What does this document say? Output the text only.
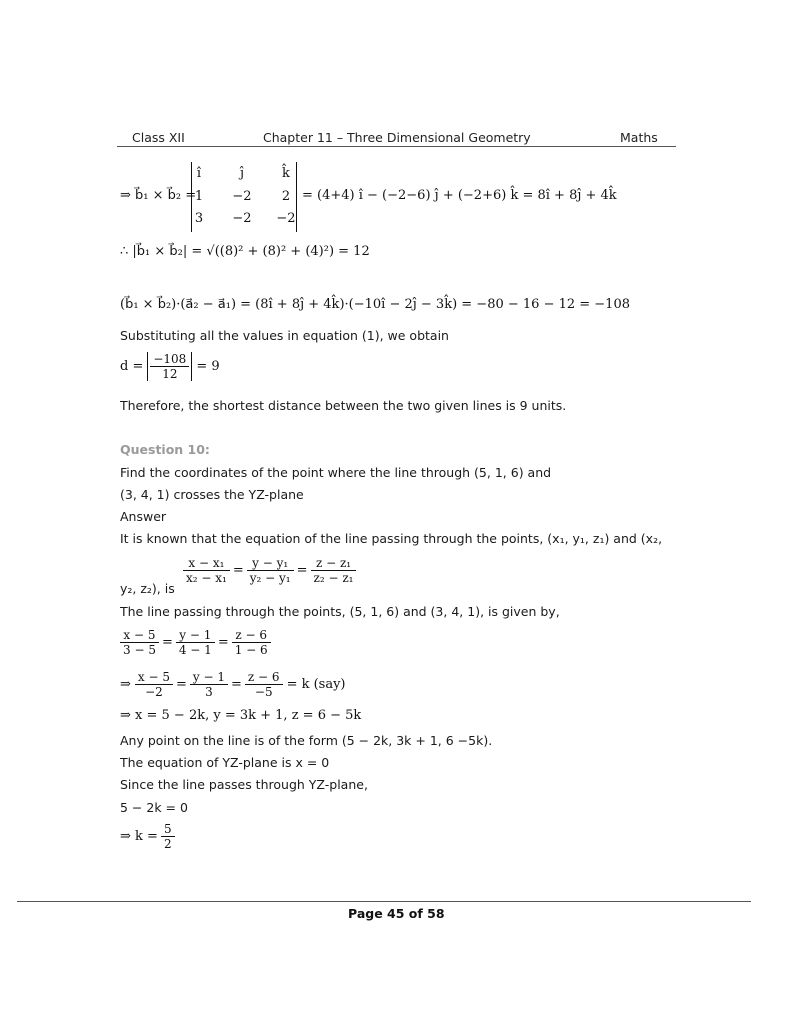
Class XII	Chapter 11 – Three Dimensional Geometry	Maths
⇒ b⃗₁ × b⃗₂ =
î	ĵ	k̂
1	−2	2
3	−2 −2
= (4+4) î − (−2−6) ĵ + (−2+6) k̂ = 8î + 8ĵ + 4k̂
∴ |b⃗₁ × b⃗₂| = √((8)² + (8)² + (4)²) = 12
(b⃗₁ × b⃗₂)·(a⃗₂ − a⃗₁) = (8î + 8ĵ + 4k̂)·(−10î − 2ĵ − 3k̂) = −80 − 16 − 12 = −108
Substituting all the values in equation (1), we obtain
$d = \frac{-108}{12} = 9$
Therefore, the shortest distance between the two given lines is 9 units.
Question 10:
Find the coordinates of the point where the line through (5, 1, 6) and
(3, 4, 1) crosses the YZ-plane
Answer
It is known that the equation of the line passing through the points, (x₁, y₁, z₁) and (x₂,
y₂, z₂), is
$\frac{\text{x − x₁}}{\text{x₂ − x₁}} = \frac{\text{y − y₁}}{\text{y₂ − y₁}} = \frac{\text{z − z₁}}{\text{z₂ − z₁}}$
The line passing through the points, (5, 1, 6) and (3, 4, 1), is given by,
$\frac{x - 5}{3 - 5} = \frac{y - 1}{4 - 1} = \frac{z - 6}{1 - 6}$
⇒ $\frac{x - 5}{-2} = \frac{y - 1}{3} = \frac{z - 6}{-5} = k$ (say)
⇒ x = 5 − 2k, y = 3k + 1, z = 6 − 5k
Any point on the line is of the form (5 − 2k, 3k + 1, 6 −5k).
The equation of YZ-plane is x = 0
Since the line passes through YZ-plane,
5 − 2k = 0
⇒ $k = \frac{5}{2}$
Page 45 of 58
